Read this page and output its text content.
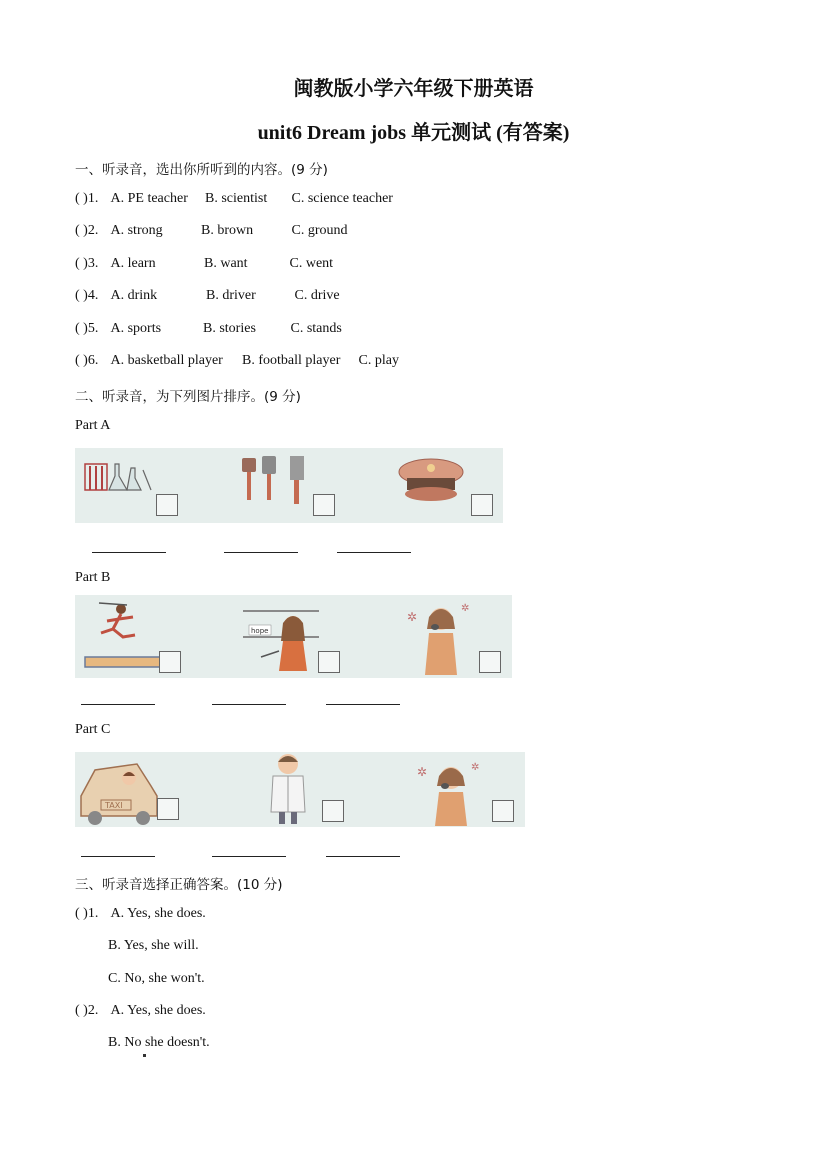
闽教版小学六年级下册英语
unit6 Dream jobs 单元测试 (有答案)
一、听录音，选出你所听到的内容。(9 分)
( )1. A. PE teacher B. scientist C. science teacher
( )2. A. strong	B. brown	C. ground
( )3. A. learn	B. want	C. went
( )4. A. drink	B. driver	C. drive
( )5. A. sports	B. stories C. stands
( )6. A. basketball player B. football player C. play
二、听录音，为下列图片排序。(9 分)
Part A
Part B
hope
✲
✲
Part C
TAXI
✲	✲
三、听录音选择正确答案。(10 分)
( )1. A. Yes, she does.
B. Yes, she will.
C. No, she won't.
( )2. A. Yes, she does.
B. No she doesn't.
